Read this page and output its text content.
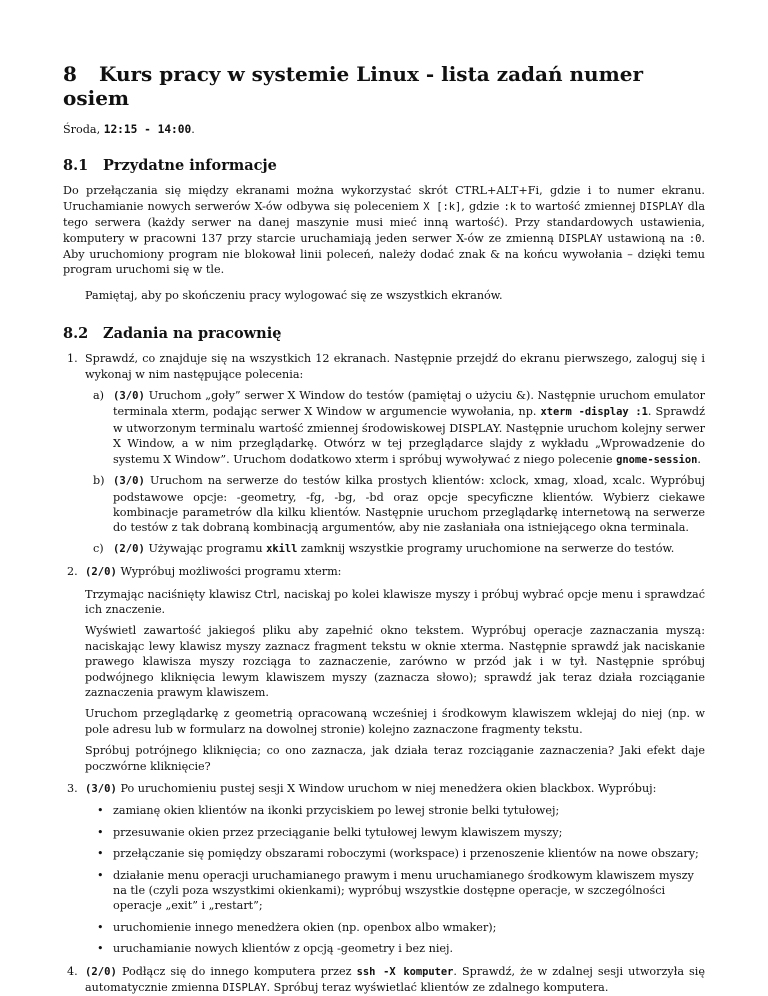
8 Kurs pracy w systemie Linux - lista zadań numer osiem

Środa, 12:15 - 14:00.

8.1 Przydatne informacje

Do przełączania się między ekranami można wykorzystać skrót CTRL+ALT+Fi, gdzie i to numer ekranu. Uruchamianie nowych serwerów X-ów odbywa się poleceniem X [:k], gdzie :k to wartość zmiennej DISPLAY dla tego serwera (każdy serwer na danej maszynie musi mieć inną wartość). Przy standardowych ustawienia, komputery w pracowni 137 przy starcie uruchamiają jeden serwer X-ów ze zmienną DISPLAY ustawioną na :0. Aby uruchomiony program nie blokował linii poleceń, należy dodać znak & na końcu wywołania – dzięki temu program uruchomi się w tle.

Pamiętaj, aby po skończeniu pracy wylogować się ze wszystkich ekranów.

8.2 Zadania na pracownię
1. Sprawdź, co znajduje się na wszystkich 12 ekranach. Następnie przejdź do ekranu pierwszego, zaloguj się i wykonaj w nim następujące polecenia:

a) (3/0) Uruchom „goły” serwer X Window do testów (pamiętaj o użyciu &). Następnie uruchom emulator terminala xterm, podając serwer X Window w argumencie wywołania, np. xterm -display :1. Sprawdź w utworzonym terminalu wartość zmiennej środowiskowej DISPLAY. Następnie uruchom kolejny serwer X Window, a w nim przeglądarkę. Otwórz w tej przeglądarce slajdy z wykładu „Wprowadzenie do systemu X Window”. Uruchom dodatkowo xterm i spróbuj wywoływać z niego polecenie gnome-session.

b) (3/0) Uruchom na serwerze do testów kilka prostych klientów: xclock, xmag, xload, xcalc. Wypróbuj podstawowe opcje: -geometry, -fg, -bg, -bd oraz opcje specyficzne klientów. Wybierz ciekawe kombinacje parametrów dla kilku klientów. Następnie uruchom przeglądarkę internetową na serwerze do testów z tak dobraną kombinacją argumentów, aby nie zasłaniała ona istniejącego okna terminala.

c) (2/0) Używając programu xkill zamknij wszystkie programy uruchomione na serwerze do testów.

2. (2/0) Wypróbuj możliwości programu xterm:

Trzymając naciśnięty klawisz Ctrl, naciskaj po kolei klawisze myszy i próbuj wybrać opcje menu i sprawdzać ich znaczenie.

Wyświetl zawartość jakiegoś pliku aby zapełnić okno tekstem. Wypróbuj operacje zaznaczania myszą: naciskając lewy klawisz myszy zaznacz fragment tekstu w oknie xterma. Następnie sprawdź jak naciskanie prawego klawisza myszy rozciąga to zaznaczenie, zarówno w przód jak i w tył. Następnie spróbuj podwójnego kliknięcia lewym klawiszem myszy (zaznacza słowo); sprawdź jak teraz działa rozciąganie zaznaczenia prawym klawiszem.

Uruchom przeglądarkę z geometrią opracowaną wcześniej i środkowym klawiszem wklejaj do niej (np. w pole adresu lub w formularz na dowolnej stronie) kolejno zaznaczone fragmenty tekstu.

Spróbuj potrójnego kliknięcia; co ono zaznacza, jak działa teraz rozciąganie zaznaczenia? Jaki efekt daje poczwórne kliknięcie?

3. (3/0) Po uruchomieniu pustej sesji X Window uruchom w niej menedżera okien blackbox. Wypróbuj:

• zamianę okien klientów na ikonki przyciskiem po lewej stronie belki tytułowej;
• przesuwanie okien przez przeciąganie belki tytułowej lewym klawiszem myszy;
• przełączanie się pomiędzy obszarami roboczymi (workspace) i przenoszenie klientów na nowe obszary;
• działanie menu operacji uruchamianego prawym i menu uruchamianego środkowym klawiszem myszy na tle (czyli poza wszystkimi okienkami); wypróbuj wszystkie dostępne operacje, w szczególności operacje „exit” i „restart”;
• uruchomienie innego menedżera okien (np. openbox albo wmaker);
• uruchamianie nowych klientów z opcją -geometry i bez niej.
4. (2/0) Podłącz się do innego komputera przez ssh -X komputer. Sprawdź, że w zdalnej sesji utworzyła się automatycznie zmienna DISPLAY. Spróbuj teraz wyświetlać klientów ze zdalnego komputera.
